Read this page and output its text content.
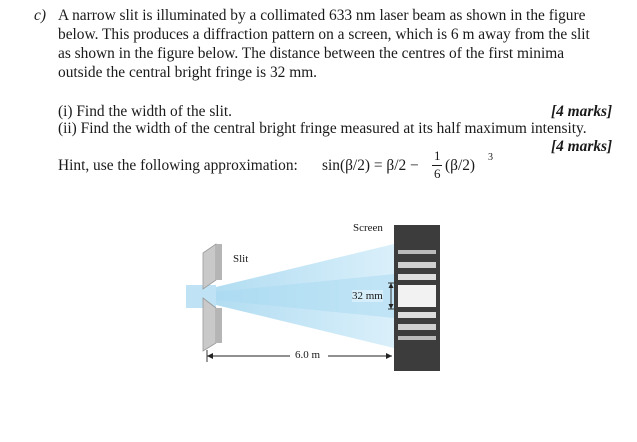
c) A narrow slit is illuminated by a collimated 633 nm laser beam as shown in the figure
below. This produces a diffraction pattern on a screen, which is 6 m away from the slit
as shown in the figure below. The distance between the centres of the first minima
outside the central bright fringe is 32 mm.
(i) Find the width of the slit.	[4 marks]
(ii) Find the width of the central bright fringe measured at its half maximum intensity.
[4 marks]
Hint, use the following approximation: sin(β/2) = β/2 −
1
6 (β/2) 3
Screen
Slit
32 mm
6.0 m
